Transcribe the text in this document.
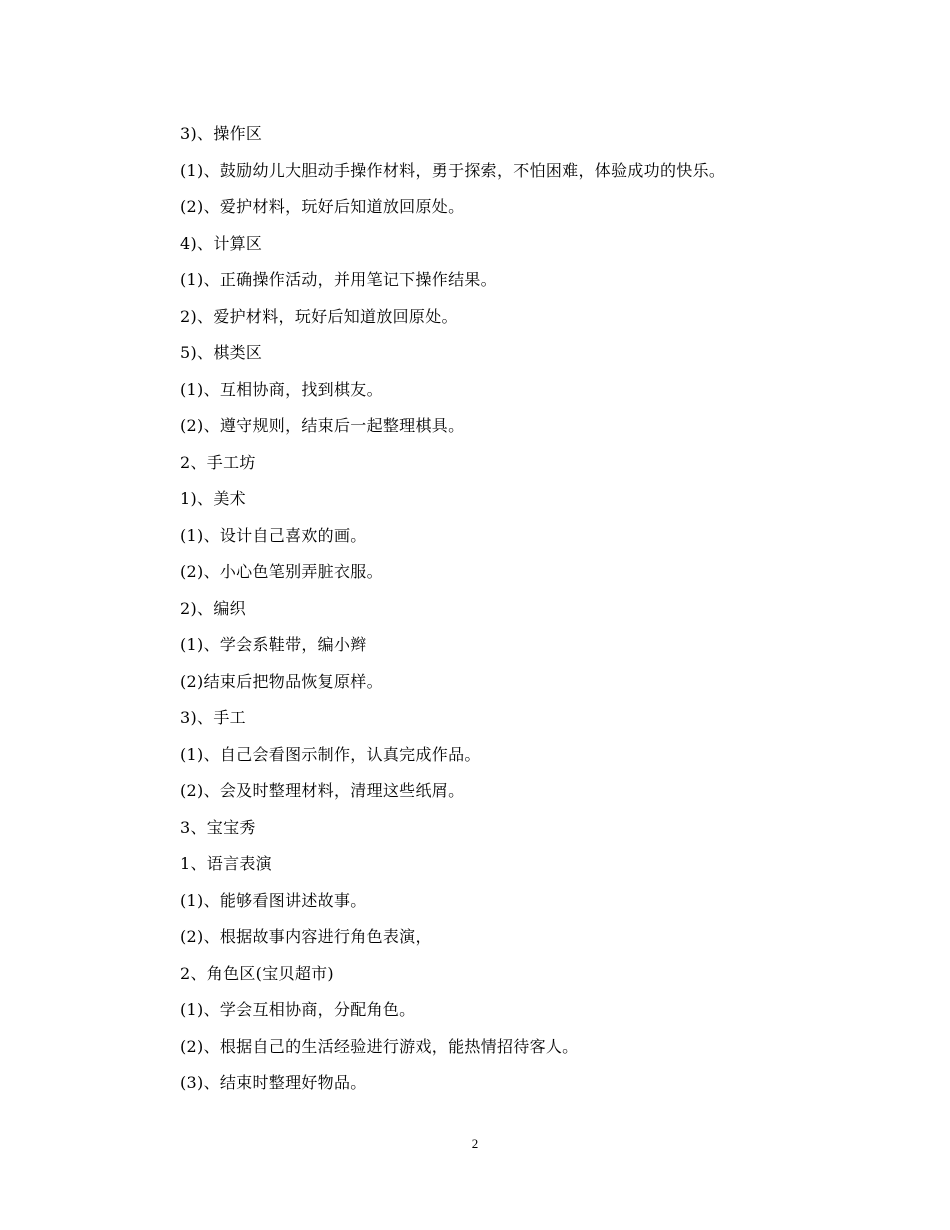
3)、操作区
(1)、鼓励幼儿大胆动手操作材料，勇于探索，不怕困难，体验成功的快乐。
(2)、爱护材料，玩好后知道放回原处。
4)、计算区
(1)、正确操作活动，并用笔记下操作结果。
2)、爱护材料，玩好后知道放回原处。
5)、棋类区
(1)、互相协商，找到棋友。
(2)、遵守规则，结束后一起整理棋具。
2、手工坊
1)、美术
(1)、设计自己喜欢的画。
(2)、小心色笔别弄脏衣服。
2)、编织
(1)、学会系鞋带，编小辫
(2)结束后把物品恢复原样。
3)、手工
(1)、自己会看图示制作，认真完成作品。
(2)、会及时整理材料，清理这些纸屑。
3、宝宝秀
1、语言表演
(1)、能够看图讲述故事。
(2)、根据故事内容进行角色表演，
2、角色区(宝贝超市)
(1)、学会互相协商，分配角色。
(2)、根据自己的生活经验进行游戏，能热情招待客人。
(3)、结束时整理好物品。
2
